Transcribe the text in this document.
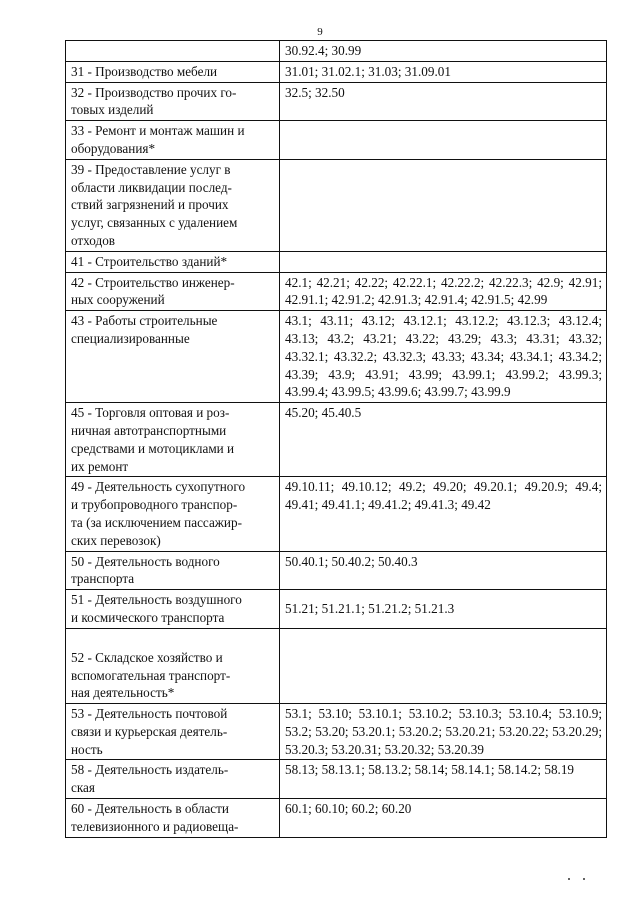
9
	30.92.4; 30.99
31 - Производство мебели	31.01; 31.02.1; 31.03; 31.09.01
32 - Производство прочих го-
товых изделий	32.5; 32.50
33 - Ремонт и монтаж машин и
оборудования*	
39 - Предоставление услуг в
области ликвидации послед-
ствий загрязнений и прочих
услуг, связанных с удалением
отходов	
41 - Строительство зданий*	
42 - Строительство инженер-
ных сооружений	42.1; 42.21; 42.22; 42.22.1; 42.22.2; 42.22.3; 42.9; 42.91; 42.91.1; 42.91.2; 42.91.3; 42.91.4; 42.91.5; 42.99
43 - Работы строительные
специализированные	43.1; 43.11; 43.12; 43.12.1; 43.12.2; 43.12.3; 43.12.4; 43.13; 43.2; 43.21; 43.22; 43.29; 43.3; 43.31; 43.32; 43.32.1; 43.32.2; 43.32.3; 43.33; 43.34; 43.34.1; 43.34.2; 43.39; 43.9; 43.91; 43.99; 43.99.1; 43.99.2; 43.99.3; 43.99.4; 43.99.5; 43.99.6; 43.99.7; 43.99.9
45 - Торговля оптовая и роз-
ничная автотранспортными
средствами и мотоциклами и
их ремонт	45.20; 45.40.5
49 - Деятельность сухопутного
и трубопроводного транспор-
та (за исключением пассажир-
ских перевозок)	49.10.11; 49.10.12; 49.2; 49.20; 49.20.1; 49.20.9; 49.4; 49.41; 49.41.1; 49.41.2; 49.41.3; 49.42
50 - Деятельность водного
транспорта	50.40.1; 50.40.2; 50.40.3
51 - Деятельность воздушного
и космического транспорта	51.21; 51.21.1; 51.21.2; 51.21.3
52 - Складское хозяйство и
вспомогательная транспорт-
ная деятельность*	
53 - Деятельность почтовой
связи и курьерская деятель-
ность	53.1; 53.10; 53.10.1; 53.10.2; 53.10.3; 53.10.4; 53.10.9; 53.2; 53.20; 53.20.1; 53.20.2; 53.20.21; 53.20.22; 53.20.29; 53.20.3; 53.20.31; 53.20.32; 53.20.39
58 - Деятельность издатель-
ская	58.13; 58.13.1; 58.13.2; 58.14; 58.14.1; 58.14.2; 58.19
60 - Деятельность в области
телевизионного и радиовеща-	60.1; 60.10; 60.2; 60.20
